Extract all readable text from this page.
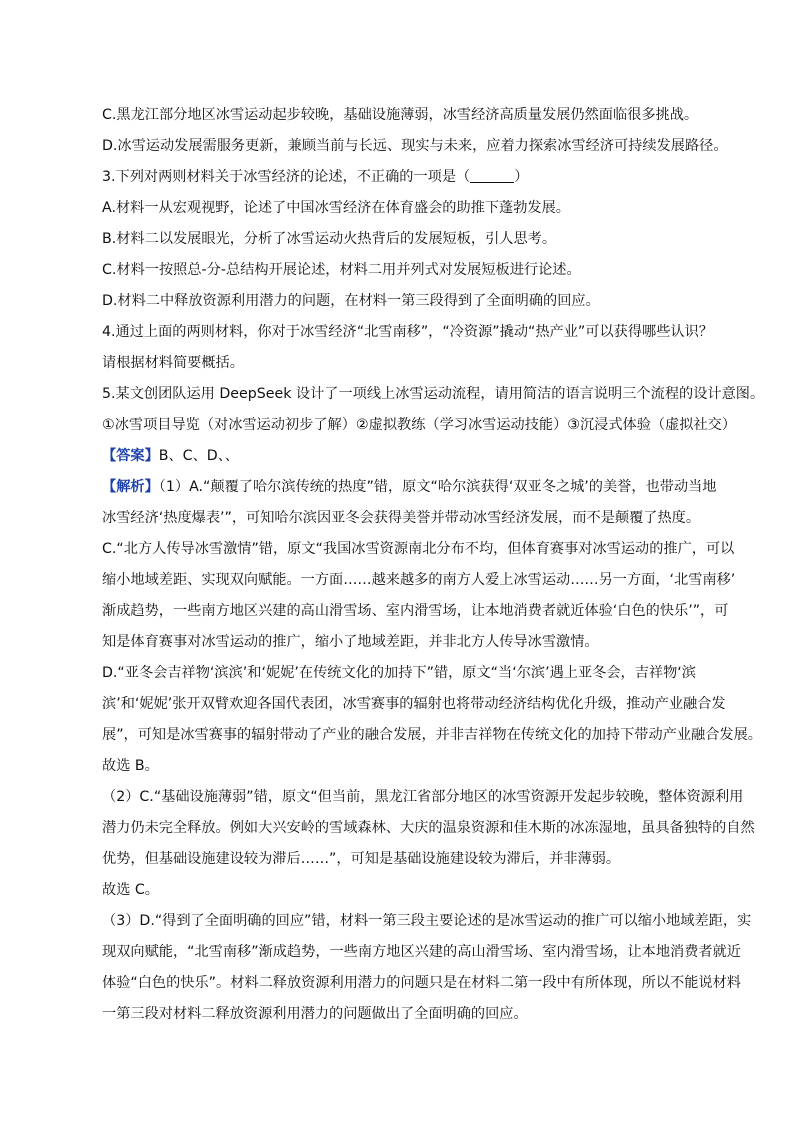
C.黑龙江部分地区冰雪运动起步较晚，基础设施薄弱，冰雪经济高质量发展仍然面临很多挑战。
D.冰雪运动发展需服务更新，兼顾当前与长远、现实与未来，应着力探索冰雪经济可持续发展路径。
3.下列对两则材料关于冰雪经济的论述，不正确的一项是（	）
A.材料一从宏观视野，论述了中国冰雪经济在体育盛会的助推下蓬勃发展。
B.材料二以发展眼光，分析了冰雪运动火热背后的发展短板，引人思考。
C.材料一按照总-分-总结构开展论述，材料二用并列式对发展短板进行论述。
D.材料二中释放资源利用潜力的问题，在材料一第三段得到了全面明确的回应。
4.通过上面的两则材料，你对于冰雪经济“北雪南移”，“冷资源”撬动“热产业”可以获得哪些认识？
请根据材料简要概括。
5.某文创团队运用 DeepSeek 设计了一项线上冰雪运动流程，请用简洁的语言说明三个流程的设计意图。
①冰雪项目导览（对冰雪运动初步了解）②虚拟教练（学习冰雪运动技能）③沉浸式体验（虚拟社交）
【答案】B、C、D、、
【解析】（1）A.“颠覆了哈尔滨传统的热度”错，原文“哈尔滨获得‘双亚冬之城’的美誉，也带动当地
冰雪经济‘热度爆表’”，可知哈尔滨因亚冬会获得美誉并带动冰雪经济发展，而不是颠覆了热度。
C.“北方人传导冰雪激情”错，原文“我国冰雪资源南北分布不均，但体育赛事对冰雪运动的推广，可以
缩小地域差距、实现双向赋能。一方面……越来越多的南方人爱上冰雪运动……另一方面，‘北雪南移’
渐成趋势，一些南方地区兴建的高山滑雪场、室内滑雪场，让本地消费者就近体验‘白色的快乐’”，可
知是体育赛事对冰雪运动的推广，缩小了地域差距，并非北方人传导冰雪激情。
D.“亚冬会吉祥物‘滨滨’和‘妮妮’在传统文化的加持下”错，原文“当‘尔滨’遇上亚冬会，吉祥物‘滨
滨’和‘妮妮’张开双臂欢迎各国代表团，冰雪赛事的辐射也将带动经济结构优化升级，推动产业融合发
展”，可知是冰雪赛事的辐射带动了产业的融合发展，并非吉祥物在传统文化的加持下带动产业融合发展。
故选 B。
（2）C.“基础设施薄弱”错，原文“但当前，黑龙江省部分地区的冰雪资源开发起步较晚，整体资源利用
潜力仍未完全释放。例如大兴安岭的雪域森林、大庆的温泉资源和佳木斯的冰冻湿地，虽具备独特的自然
优势，但基础设施建设较为滞后……”，可知是基础设施建设较为滞后，并非薄弱。
故选 C。
（3）D.“得到了全面明确的回应”错，材料一第三段主要论述的是冰雪运动的推广可以缩小地域差距，实
现双向赋能，“北雪南移”渐成趋势，一些南方地区兴建的高山滑雪场、室内滑雪场，让本地消费者就近
体验“白色的快乐”。材料二释放资源利用潜力的问题只是在材料二第一段中有所体现，所以不能说材料
一第三段对材料二释放资源利用潜力的问题做出了全面明确的回应。
